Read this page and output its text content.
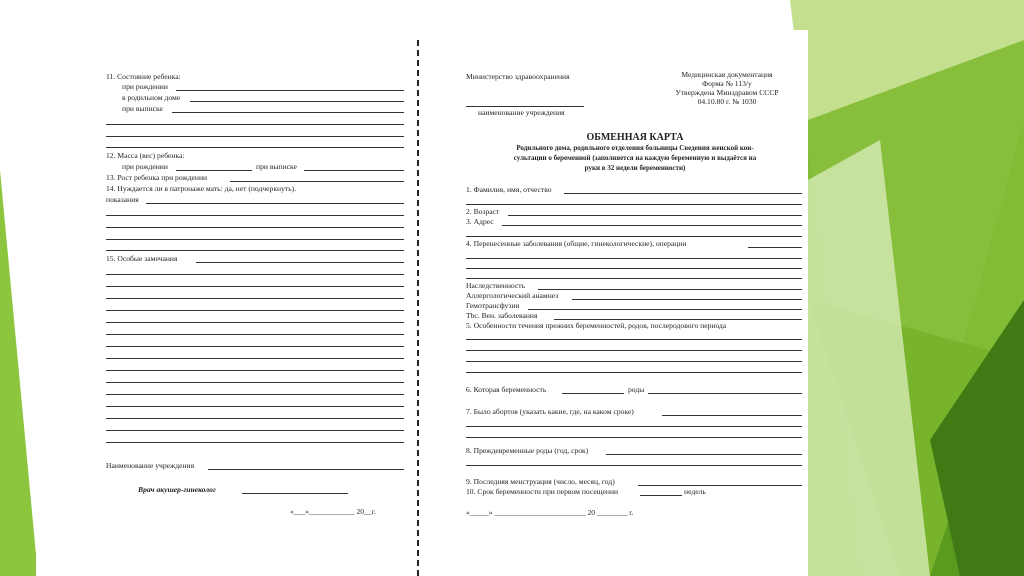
11. Состояние ребенка:
при рождении
в родильном доме
при выписке
12. Масса (вес) ребенка:
при рождении	при выписке
13. Рост ребенка при рождении
14. Нуждается ли в патронаже мать: да, нет (подчеркнуть).
показания
15. Особые замечания
Наименование учреждения
Врач акушер-гинеколог
«___»____________ 20__г.
Министерство здравоохранения
наименование учреждения
Медицинская документация
Форма № 113/у
Утверждена Минздравом СССР
04.10.80 г. № 1030
ОБМЕННАЯ КАРТА
Родильного дома, родильного отделения больницы Сведения женской кон-
сультации о беременной (заполняется на каждую беременную и выдаётся на
руки в 32 недели беременности)
1. Фамилия, имя, отчество
2. Возраст
3. Адрес
4. Перенесенные заболевания (общие, гинекологические), операции
Наследственность
Аллергологический анамнез
Гемотрансфузии
Tbc. Вен. заболевания
5. Особенности течения прежних беременностей, родов, послеродового периода
6. Которая беременность	роды
7. Было абортов (указать какие, где, на каком сроке)
8. Преждевременные роды (год, срок)
9. Последняя менструация (число, месяц, год)
10. Срок беременности при первом посещении	недель
«_____» ________________________ 20 ________ г.
